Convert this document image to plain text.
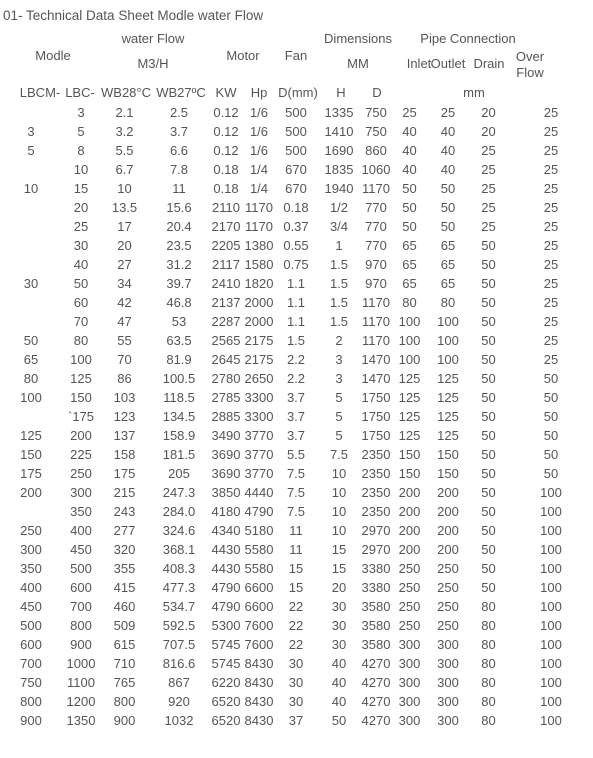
01- Technical Data Sheet Modle water Flow
water Flow	Dimensions Pipe Connection
Modle
M3/H
Motor Fan
MM	Inlet Outlet Drain Over
Flow
LBCM- LBC- WB28°C WB27ºC KW Hp D(mm) H D	mm
	3	2.1	2.5	0.12	1/6	500	1335	750	25	25	20	25
3	5	3.2	3.7	0.12	1/6	500	1410	750	40	40	20	25
5	8	5.5	6.6	0.12	1/6	500	1690	860	40	40	25	25
	10	6.7	7.8	0.18	1/4	670	1835	1060	40	40	25	25
10	15	10	11	0.18	1/4	670	1940	1170	50	50	25	25
	20	13.5	15.6	2110	1170	0.18	1/2	770	50	50	25	25
	25	17	20.4	2170	1170	0.37	3/4	770	50	50	25	25
	30	20	23.5	2205	1380	0.55	1	770	65	65	50	25
	40	27	31.2	2117	1580	0.75	1.5	970	65	65	50	25
30	50	34	39.7	2410	1820	1.1	1.5	970	65	65	50	25
	60	42	46.8	2137	2000	1.1	1.5	1170	80	80	50	25
	70	47	53	2287	2000	1.1	1.5	1170	100	100	50	25
50	80	55	63.5	2565	2175	1.5	2	1170	100	100	50	25
65	100	70	81.9	2645	2175	2.2	3	1470	100	100	50	25
80	125	86	100.5	2780	2650	2.2	3	1470	125	125	50	50
100	150	103	118.5	2785	3300	3.7	5	1750	125	125	50	50
	`175	123	134.5	2885	3300	3.7	5	1750	125	125	50	50
125	200	137	158.9	3490	3770	3.7	5	1750	125	125	50	50
150	225	158	181.5	3690	3770	5.5	7.5	2350	150	150	50	50
175	250	175	205	3690	3770	7.5	10	2350	150	150	50	50
200	300	215	247.3	3850	4440	7.5	10	2350	200	200	50	100
	350	243	284.0	4180	4790	7.5	10	2350	200	200	50	100
250	400	277	324.6	4340	5180	11	10	2970	200	200	50	100
300	450	320	368.1	4430	5580	11	15	2970	200	200	50	100
350	500	355	408.3	4430	5580	15	15	3380	250	250	50	100
400	600	415	477.3	4790	6600	15	20	3380	250	250	50	100
450	700	460	534.7	4790	6600	22	30	3580	250	250	80	100
500	800	509	592.5	5300	7600	22	30	3580	250	250	80	100
600	900	615	707.5	5745	7600	22	30	3580	300	300	80	100
700	1000	710	816.6	5745	8430	30	40	4270	300	300	80	100
750	1100	765	867	6220	8430	30	40	4270	300	300	80	100
800	1200	800	920	6520	8430	30	40	4270	300	300	80	100
900	1350	900	1032	6520	8430	37	50	4270	300	300	80	100
